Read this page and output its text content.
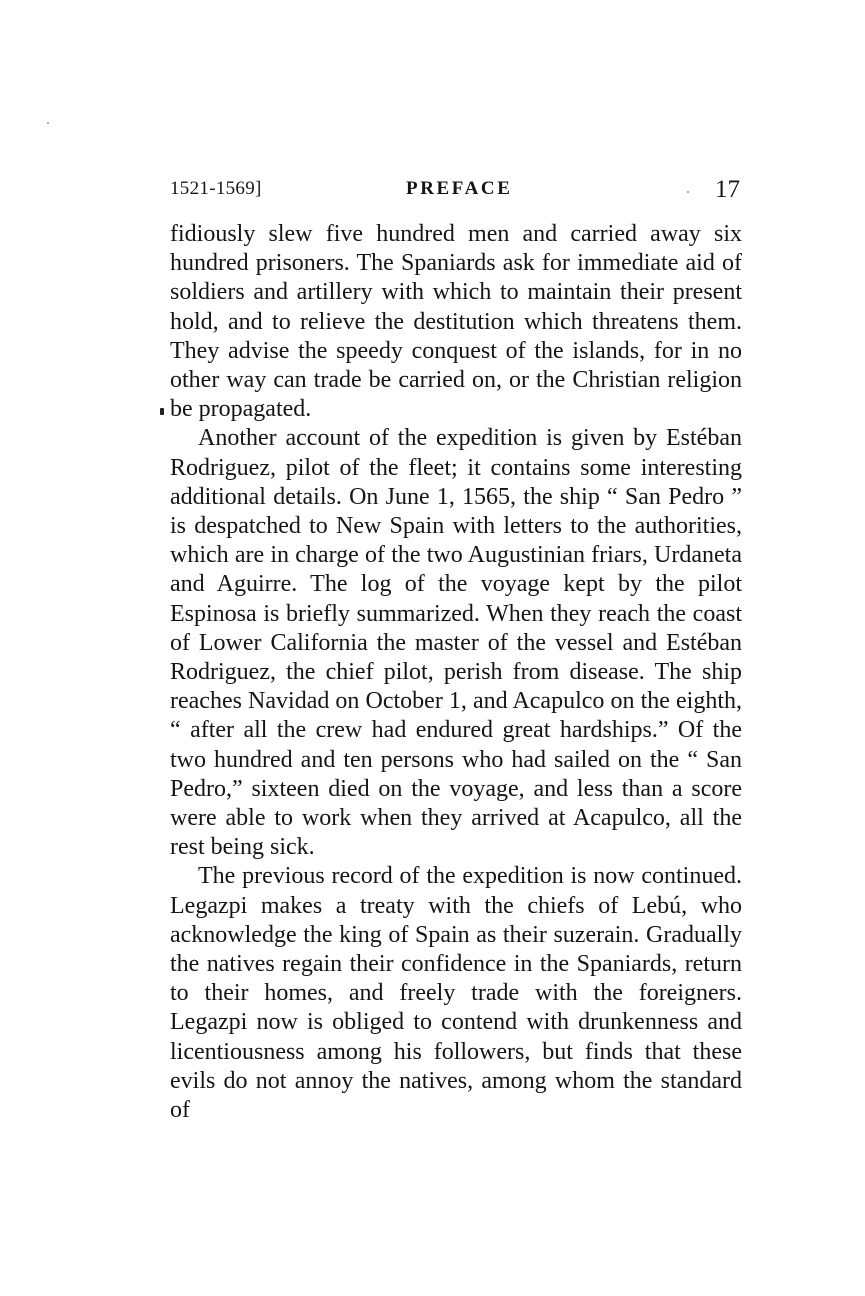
1521-1569]	PREFACE	17

fidiously slew five hundred men and carried away six hundred prisoners. The Spaniards ask for immediate aid of soldiers and artillery with which to maintain their present hold, and to relieve the destitution which threatens them. They advise the speedy conquest of the islands, for in no other way can trade be carried on, or the Christian religion be propagated.

Another account of the expedition is given by Estéban Rodriguez, pilot of the fleet; it contains some interesting additional details. On June 1, 1565, the ship “ San Pedro ” is despatched to New Spain with letters to the authorities, which are in charge of the two Augustinian friars, Urdaneta and Aguirre. The log of the voyage kept by the pilot Espinosa is briefly summarized. When they reach the coast of Lower California the master of the vessel and Estéban Rodriguez, the chief pilot, perish from disease. The ship reaches Navidad on October 1, and Acapulco on the eighth, “ after all the crew had endured great hardships.” Of the two hundred and ten persons who had sailed on the “ San Pedro,” sixteen died on the voyage, and less than a score were able to work when they arrived at Acapulco, all the rest being sick.

The previous record of the expedition is now continued. Legazpi makes a treaty with the chiefs of Lebú, who acknowledge the king of Spain as their suzerain. Gradually the natives regain their confidence in the Spaniards, return to their homes, and freely trade with the foreigners. Legazpi now is obliged to contend with drunkenness and licentiousness among his followers, but finds that these evils do not annoy the natives, among whom the standard of
